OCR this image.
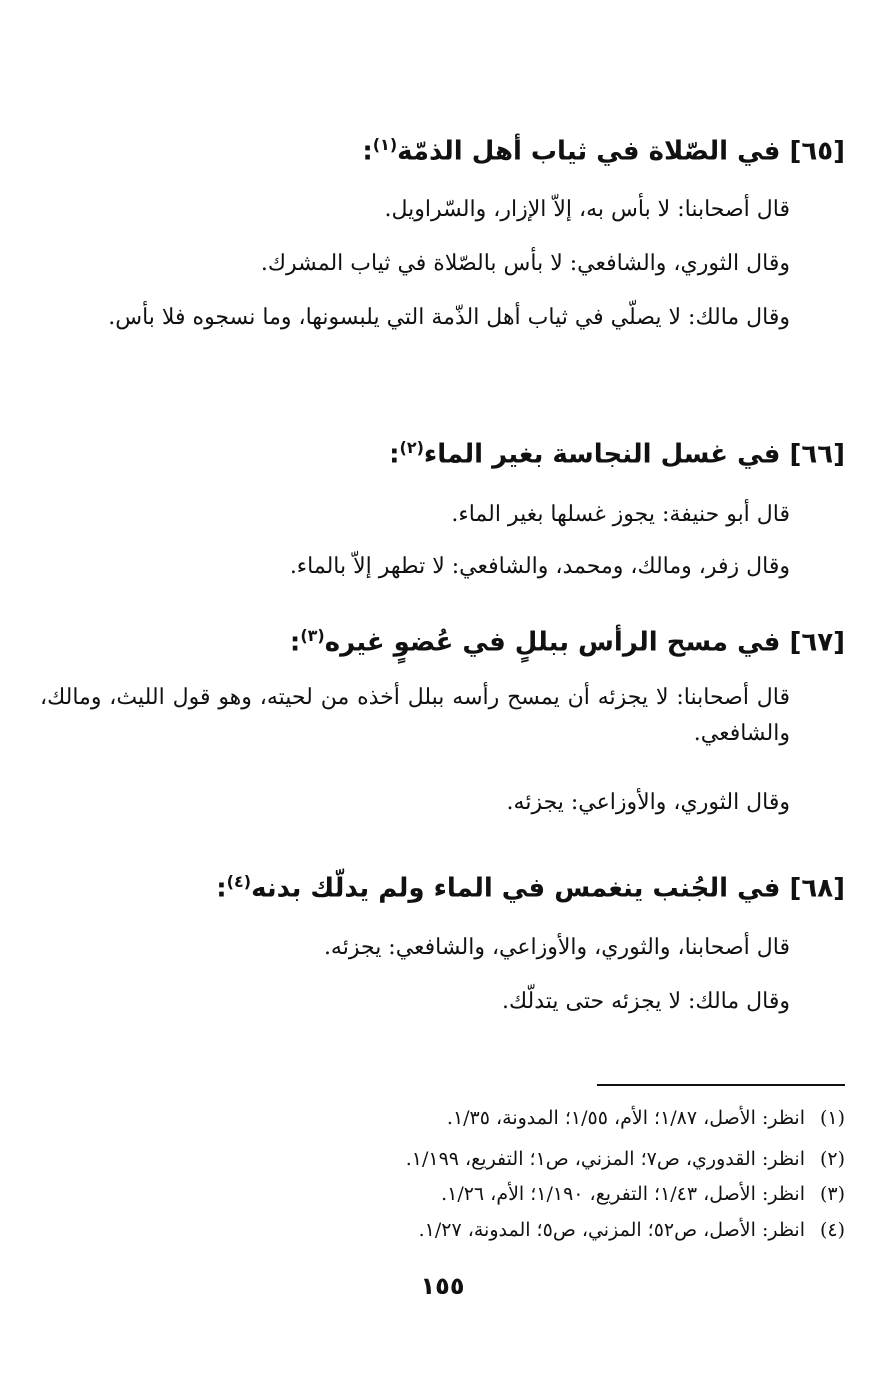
[٦٥] في الصّلاة في ثياب أهل الذمّة$^{(١)}$:
قال أصحابنا: لا بأس به، إلاّ الإزار، والسّراويل.
وقال الثوري، والشافعي: لا بأس بالصّلاة في ثياب المشرك.
وقال مالك: لا يصلّي في ثياب أهل الذّمة التي يلبسونها، وما نسجوه فلا بأس.
[٦٦] في غسل النجاسة بغير الماء$^{(٢)}$:
قال أبو حنيفة: يجوز غسلها بغير الماء.
وقال زفر، ومالك، ومحمد، والشافعي: لا تطهر إلاّ بالماء.
[٦٧] في مسح الرأس ببللٍ في عُضوٍ غيره$^{(٣)}$:
قال أصحابنا: لا يجزئه أن يمسح رأسه ببلل أخذه من لحيته، وهو قول الليث، ومالك، والشافعي.
وقال الثوري، والأوزاعي: يجزئه.
[٦٨] في الجُنب ينغمس في الماء ولم يدلّك بدنه$^{(٤)}$:
قال أصحابنا، والثوري، والأوزاعي، والشافعي: يجزئه.
وقال مالك: لا يجزئه حتى يتدلّك.
(١)انظر: الأصل، ١/٨٧؛ الأم، ١/٥٥؛ المدونة، ١/٣٥.
(٢)انظر: القدوري، ص٧؛ المزني، ص١؛ التفريع، ١/١٩٩.
(٣)انظر: الأصل، ١/٤٣؛ التفريع، ١/١٩٠؛ الأم، ١/٢٦.
(٤)انظر: الأصل، ص٥٢؛ المزني، ص٥؛ المدونة، ١/٢٧.
١٥٥
